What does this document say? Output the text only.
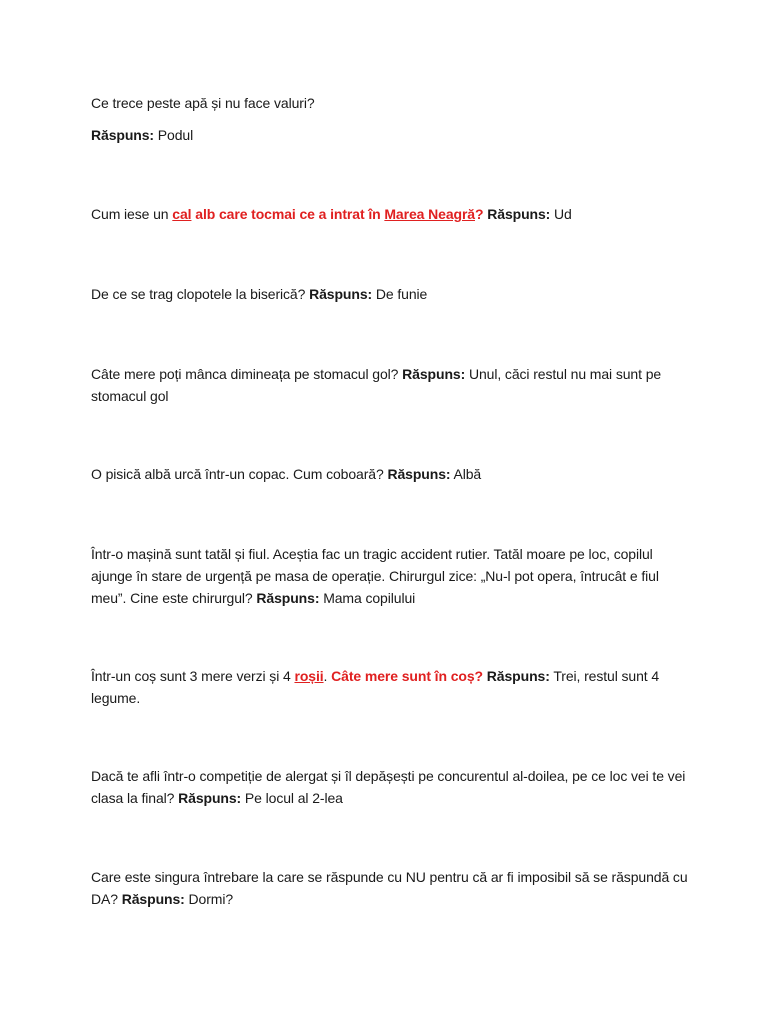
Ce trece peste apă și nu face valuri?

Răspuns: Podul

Cum iese un cal alb care tocmai ce a intrat în Marea Neagră? Răspuns: Ud

De ce se trag clopotele la biserică? Răspuns: De funie

Câte mere poți mânca dimineața pe stomacul gol? Răspuns: Unul, căci restul nu mai sunt pe stomacul gol

O pisică albă urcă într-un copac. Cum coboară? Răspuns: Albă

Într-o mașină sunt tatăl și fiul. Aceștia fac un tragic accident rutier. Tatăl moare pe loc, copilul ajunge în stare de urgență pe masa de operație. Chirurgul zice: „Nu-l pot opera, întrucât e fiul meu”. Cine este chirurgul? Răspuns: Mama copilului

Într-un coș sunt 3 mere verzi și 4 roșii. Câte mere sunt în coș? Răspuns: Trei, restul sunt 4 legume.

Dacă te afli într-o competiție de alergat și îl depășești pe concurentul al-doilea, pe ce loc vei te vei clasa la final? Răspuns: Pe locul al 2-lea

Care este singura întrebare la care se răspunde cu NU pentru că ar fi imposibil să se răspundă cu DA? Răspuns: Dormi?
